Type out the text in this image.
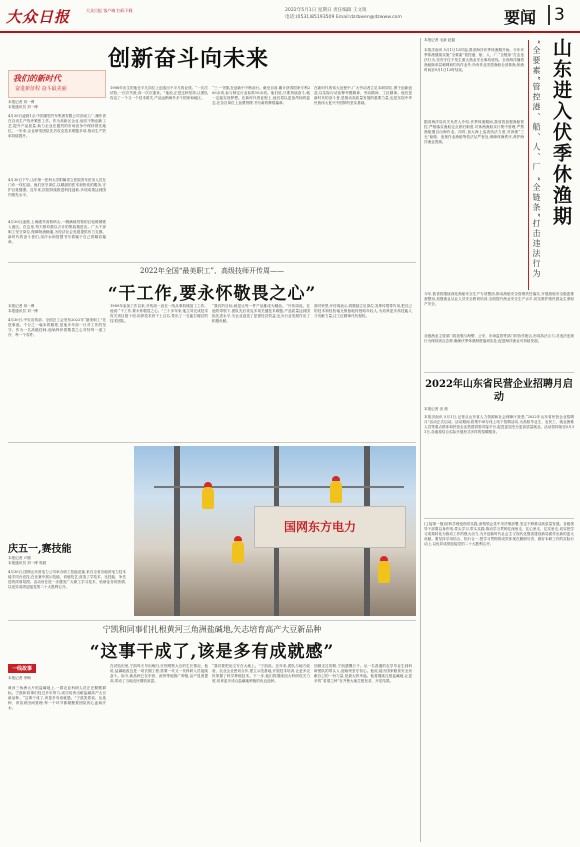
大众日报	大众日报 客户端 扫码下载	2022年5月1日 星期日 责任编辑 王文锐
电话:(0531)85193509 Email:dzrbwen@dzwww.com	要闻	3
创新奋斗向未来
我们的新时代
奋进新征程 奋斗最美丽
本报记者 刘一博
本报通讯员 刘一博
4月30日凌晨1点,中国重型汽车集团有限公司济南工厂,操作者在自动生产线旁紧张工作。作为高新区企业,他们不断创新工艺,提升产品质量,助力企业在激烈的市场竞争中保持领先地位。一年来,企业研发团队先后攻克技术难题多项,推动生产效率持续提升。
4月30日下午,山东第一医科大学附属省立医院青年医务人员在门诊一线忙碌。他们坚守岗位,以精湛的医术和热忱的服务,守护百姓健康。近年来,医院持续推进科技创新,多项成果达到国内领先水平。
4月30日凌晨,上海港外高桥码头,一艘满载货物的巨轮缓缓驶入港区。在这里,每天都有数以万计的集装箱进出。广大干部职工坚守岗位,保障物流畅通,为经济社会发展提供有力支撑。新时代的奋斗者们,用汗水和智慧书写着属于自己的精彩篇章。
1988年出生的他在平凡岗位上创造出不平凡的业绩。“一次次试验,一次次失败,再一次次重来。”他说,正是这种坚持,让团队攻克了一个又一个技术难关,产品远销海外多个国家和地区。
“三一”团队在创新中不断前行。截至目前,累计获得国家专利200余项,参与制定行业标准10余项。他们说,只要持续奋斗,就一定能实现梦想。在新时代的征程上,他们将以更加昂扬的姿态,在各自岗位上奋勇拼搏,书写新的辉煌篇章。
在新时代的伟大征程中,广大劳动者立足本职岗位,勇于创新创造,以实际行动诠释劳模精神、劳动精神、工匠精神。他们是新时代的奋斗者,是推动高质量发展的重要力量,也是实现中华民族伟大复兴中国梦的坚实基础。
2022年全国“最美职工”、高级技师开传周——
“干工作,要永怀敬畏之心”
本报记者 刘一博
本报通讯员 刘一博
4月30日,中央宣传部、全国总工会发布2022年“最美职工”先进事迹。千分之一毫米的精度,是他多年如一日对工作的坚守。作为一名高级技师,他始终怀着敬畏之心对待每一道工序、每一个零件。
1989年参加工作以来,开传周一直在一线从事机械加工工作。他说:“干工作,要永怀敬畏之心。”三十多年来,他主导完成技术攻关项目数十项,培养技术骨干上百名,带出了一支能打硬仗的技术团队。
“我们的目标,就是让每一件产品都成为精品。”开传周说。在他的带领下,团队先后攻克多项关键技术难题,产品质量达到国际先进水平,为企业创造了显著经济效益,也为行业发展作出了积极贡献。
面对荣誉,开传周表示,将继续立足岗位,发挥传帮带作用,把自己的技术和经验毫无保留地传授给年轻人,为培养更多高技能人才贡献力量,让工匠精神代代相传。
庆五一,赛技能
本报记者 卢刚
本报通讯员 刘一博 郭源
4月30日,国网山东省电力公司举办职工技能竞赛,来自全省各地的电力技术能手同台竞技,在比赛中展示技能、切磋技艺,营造了学技术、比技能、争先进的浓厚氛围。活动旨在进一步激发广大职工学习技术、钻研业务的热情,以优异成绩迎接党的二十大胜利召开。
国网东方电力
宁凯和同事们扎根黄河三角洲盐碱地,矢志培育高产大豆新品种
“这事干成了,该是多有成就感”
一线故事
本报记者 李梅
黄河三角洲大片的盐碱地上,一群农业科研人员正在默默耕耘。宁凯和同事们经过多年努力,成功培育出耐盐碱高产大豆新品种。“这事干成了,该是多有成就感。”宁凯笑着说。从选种、育苗到田间管理,每一个环节都凝聚着团队的心血和汗水。
在试验田里,宁凯每天早出晚归,仔细观察大豆的生长情况。他说,盐碱地改良是一项长期工程,需要一代又一代科研人员接续奋斗。如今,新品种已在东营、滨州等地推广种植,亩产显著提高,带动了当地农民增收致富。
“我们要把论文写在大地上。”宁凯说。近年来,团队与地方政府、农业企业密切合作,建立示范基地,开展技术培训,让更多农民掌握了科学种植技术。下一步,他们将继续加大科研攻关力度,培育更多适合盐碱地种植的优良品种。
回顾走过的路,宁凯感慨万千。从一名普通的农学毕业生到科研团队的带头人,他始终坚守初心。他说,能为国家粮食安全贡献自己的一份力量,是最大的幸福。他将继续扎根盐碱地,让更多的“希望之种”在齐鲁大地生根发芽、开花结果。
本报记者 毛新 赵磊	山东进入伏季休渔期
“全要素”管控港、船、人、厂 “全链条”打击违法行为
本报济南讯 5月1日12时起,我省海洋伏季休渔期开始。今年伏季休渔继续实施“全要素”管控港、船、人、厂,“全链条”打击违法行为,坚决守住不发生重大渔业安全事故底线。全省海洋捕捞渔船除单层刺网和钓具作业外,所有作业类型渔船全部休渔,休渔时间至9月1日12时结束。
据省海洋局有关负责人介绍,伏季休渔期间,我省将加强渔船管控,严格落实渔船定点停泊制度,对休渔渔船实行集中管理,严禁渔船擅自出海作业。同时,加大海上巡查执法力度,对涉渔“三无”船舶、违规作业渔船等依法从严查处,保障休渔秩序,养护海洋渔业资源。
今年,我省将继续深化渔船安全生产专项整治,推动渔船安全管理责任落实,开展渔船安全隐患排查整治,加强渔业从业人员安全教育培训,全面提升渔业安全生产水平,切实维护渔民群众生命财产安全。
各级渔业主管部门将加强与海警、公安、市场监管等部门的协作配合,形成执法合力,对违法违规行为保持高压态势,确保伏季休渔制度落到实处,促进海洋渔业可持续发展。
2022年山东省民营企业招聘月启动
本报记者 田 晨
本报济南讯 5月1日,记者从山东省人力资源和社会保障厅获悉,“2022年山东省民营企业招聘月”活动正式启动。活动期间,将集中举办线上线下招聘活动,为高校毕业生、农民工、就业困难人员等重点群体和民营企业搭建供需对接平台,促进更加充分更高质量就业。活动将持续至5月31日,各地将结合实际开展形式多样的招聘服务。
(上接第一版)用科学理论指导实践,深刻领会党中央决策部署,坚定不移推动高质量发展。各级领导干部要以身作则,带头学习,带头实践,推动学习贯彻往深里走、往心里走、往实里走,切实把学习成果转化为推动工作的强大动力,为开创新时代社会主义现代化强省建设新局面作出新的更大贡献。要坚持学用结合、知行合一,把学习贯彻的成效体现在履职尽责、做好本职工作的实际行动上,以优异成绩迎接党的二十大胜利召开。
